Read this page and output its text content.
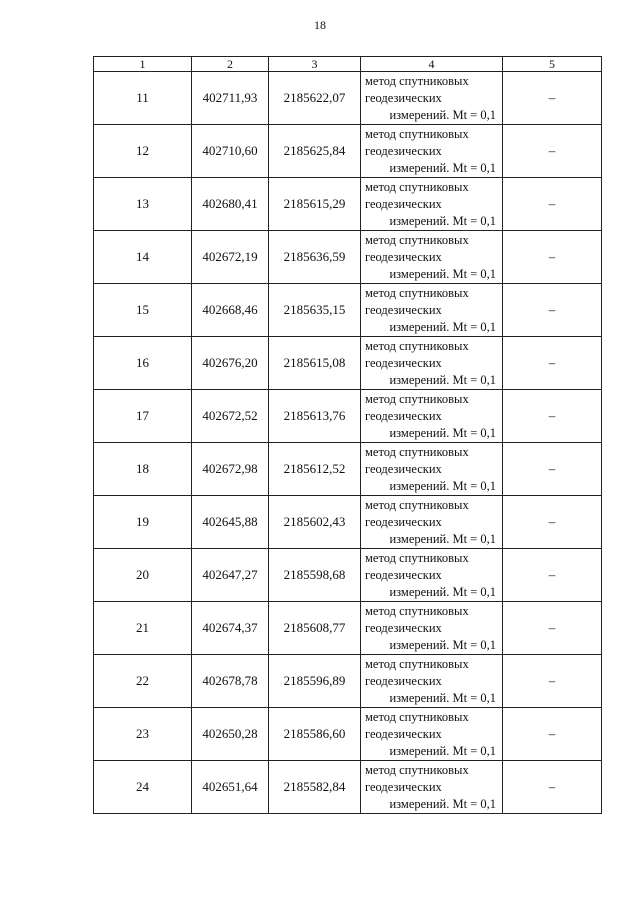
18
1	2	3	4	5
11	402711,93	2185622,07	метод спутниковых
геодезических
измерений. Mt = 0,1	–
12	402710,60	2185625,84	метод спутниковых
геодезических
измерений. Mt = 0,1	–
13	402680,41	2185615,29	метод спутниковых
геодезических
измерений. Mt = 0,1	–
14	402672,19	2185636,59	метод спутниковых
геодезических
измерений. Mt = 0,1	–
15	402668,46	2185635,15	метод спутниковых
геодезических
измерений. Mt = 0,1	–
16	402676,20	2185615,08	метод спутниковых
геодезических
измерений. Mt = 0,1	–
17	402672,52	2185613,76	метод спутниковых
геодезических
измерений. Mt = 0,1	–
18	402672,98	2185612,52	метод спутниковых
геодезических
измерений. Mt = 0,1	–
19	402645,88	2185602,43	метод спутниковых
геодезических
измерений. Mt = 0,1	–
20	402647,27	2185598,68	метод спутниковых
геодезических
измерений. Mt = 0,1	–
21	402674,37	2185608,77	метод спутниковых
геодезических
измерений. Mt = 0,1	–
22	402678,78	2185596,89	метод спутниковых
геодезических
измерений. Mt = 0,1	–
23	402650,28	2185586,60	метод спутниковых
геодезических
измерений. Mt = 0,1	–
24	402651,64	2185582,84	метод спутниковых
геодезических
измерений. Mt = 0,1	–
